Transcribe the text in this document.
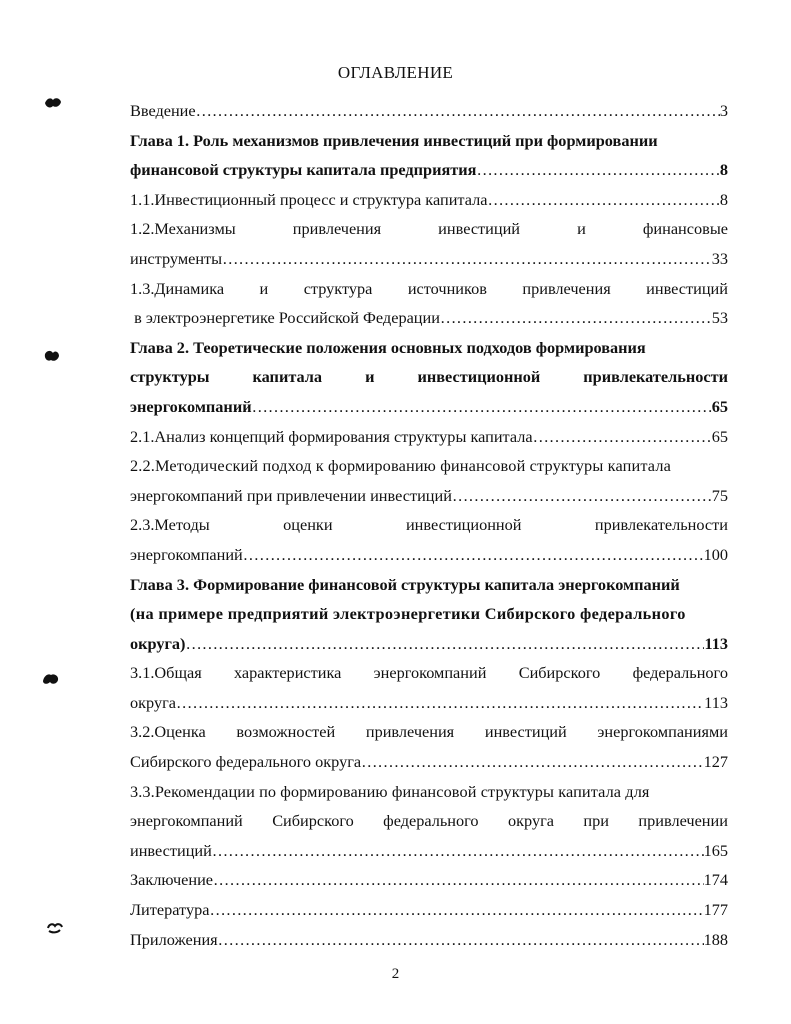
ОГЛАВЛЕНИЕ
Введение ………………………………………………………………………………………………………………………………………………………………………………………………	3
Глава 1. Роль механизмов привлечения инвестиций при формировании
финансовой структуры капитала предприятия ………………………………………………………………………………………………………………………………………………………………………………………………	8
1.1.Инвестиционный процесс и структура капитала ………………………………………………………………………………………………………………………………………………………………………………………………	8
1.2.Механизмы	привлечения	инвестиций	и	финансовые
инструменты ………………………………………………………………………………………………………………………………………………………………………………………………	33
1.3.Динамика и структура источников привлечения инвестиций
в электроэнергетике Российской Федерации ………………………………………………………………………………………………………………………………………………………………………………………………	53
Глава 2. Теоретические положения основных подходов формирования
структуры	капитала	и	инвестиционной	привлекательности
энергокомпаний ………………………………………………………………………………………………………………………………………………………………………………………………	65
2.1.Анализ концепций формирования структуры капитала ………………………………………………………………………………………………………………………………………………………………………………………………	65
2.2.Методический подход к формированию финансовой структуры капитала
энергокомпаний при привлечении инвестиций ………………………………………………………………………………………………………………………………………………………………………………………………	75
2.3.Методы	оценки	инвестиционной	привлекательности
энергокомпаний ………………………………………………………………………………………………………………………………………………………………………………………………	100
Глава 3. Формирование финансовой структуры капитала энергокомпаний
(на примере предприятий электроэнергетики Сибирского федерального
округа) ………………………………………………………………………………………………………………………………………………………………………………………………	113
3.1.Общая характеристика энергокомпаний Сибирского федерального
округа ………………………………………………………………………………………………………………………………………………………………………………………………	113
3.2.Оценка возможностей привлечения инвестиций энергокомпаниями
Сибирского федерального округа ………………………………………………………………………………………………………………………………………………………………………………………………	127
3.3.Рекомендации по формированию финансовой структуры капитала для
энергокомпаний Сибирского федерального округа при привлечении
инвестиций ………………………………………………………………………………………………………………………………………………………………………………………………	165
Заключение ………………………………………………………………………………………………………………………………………………………………………………………………	174
Литература ………………………………………………………………………………………………………………………………………………………………………………………………	177
Приложения ………………………………………………………………………………………………………………………………………………………………………………………………	188
2
